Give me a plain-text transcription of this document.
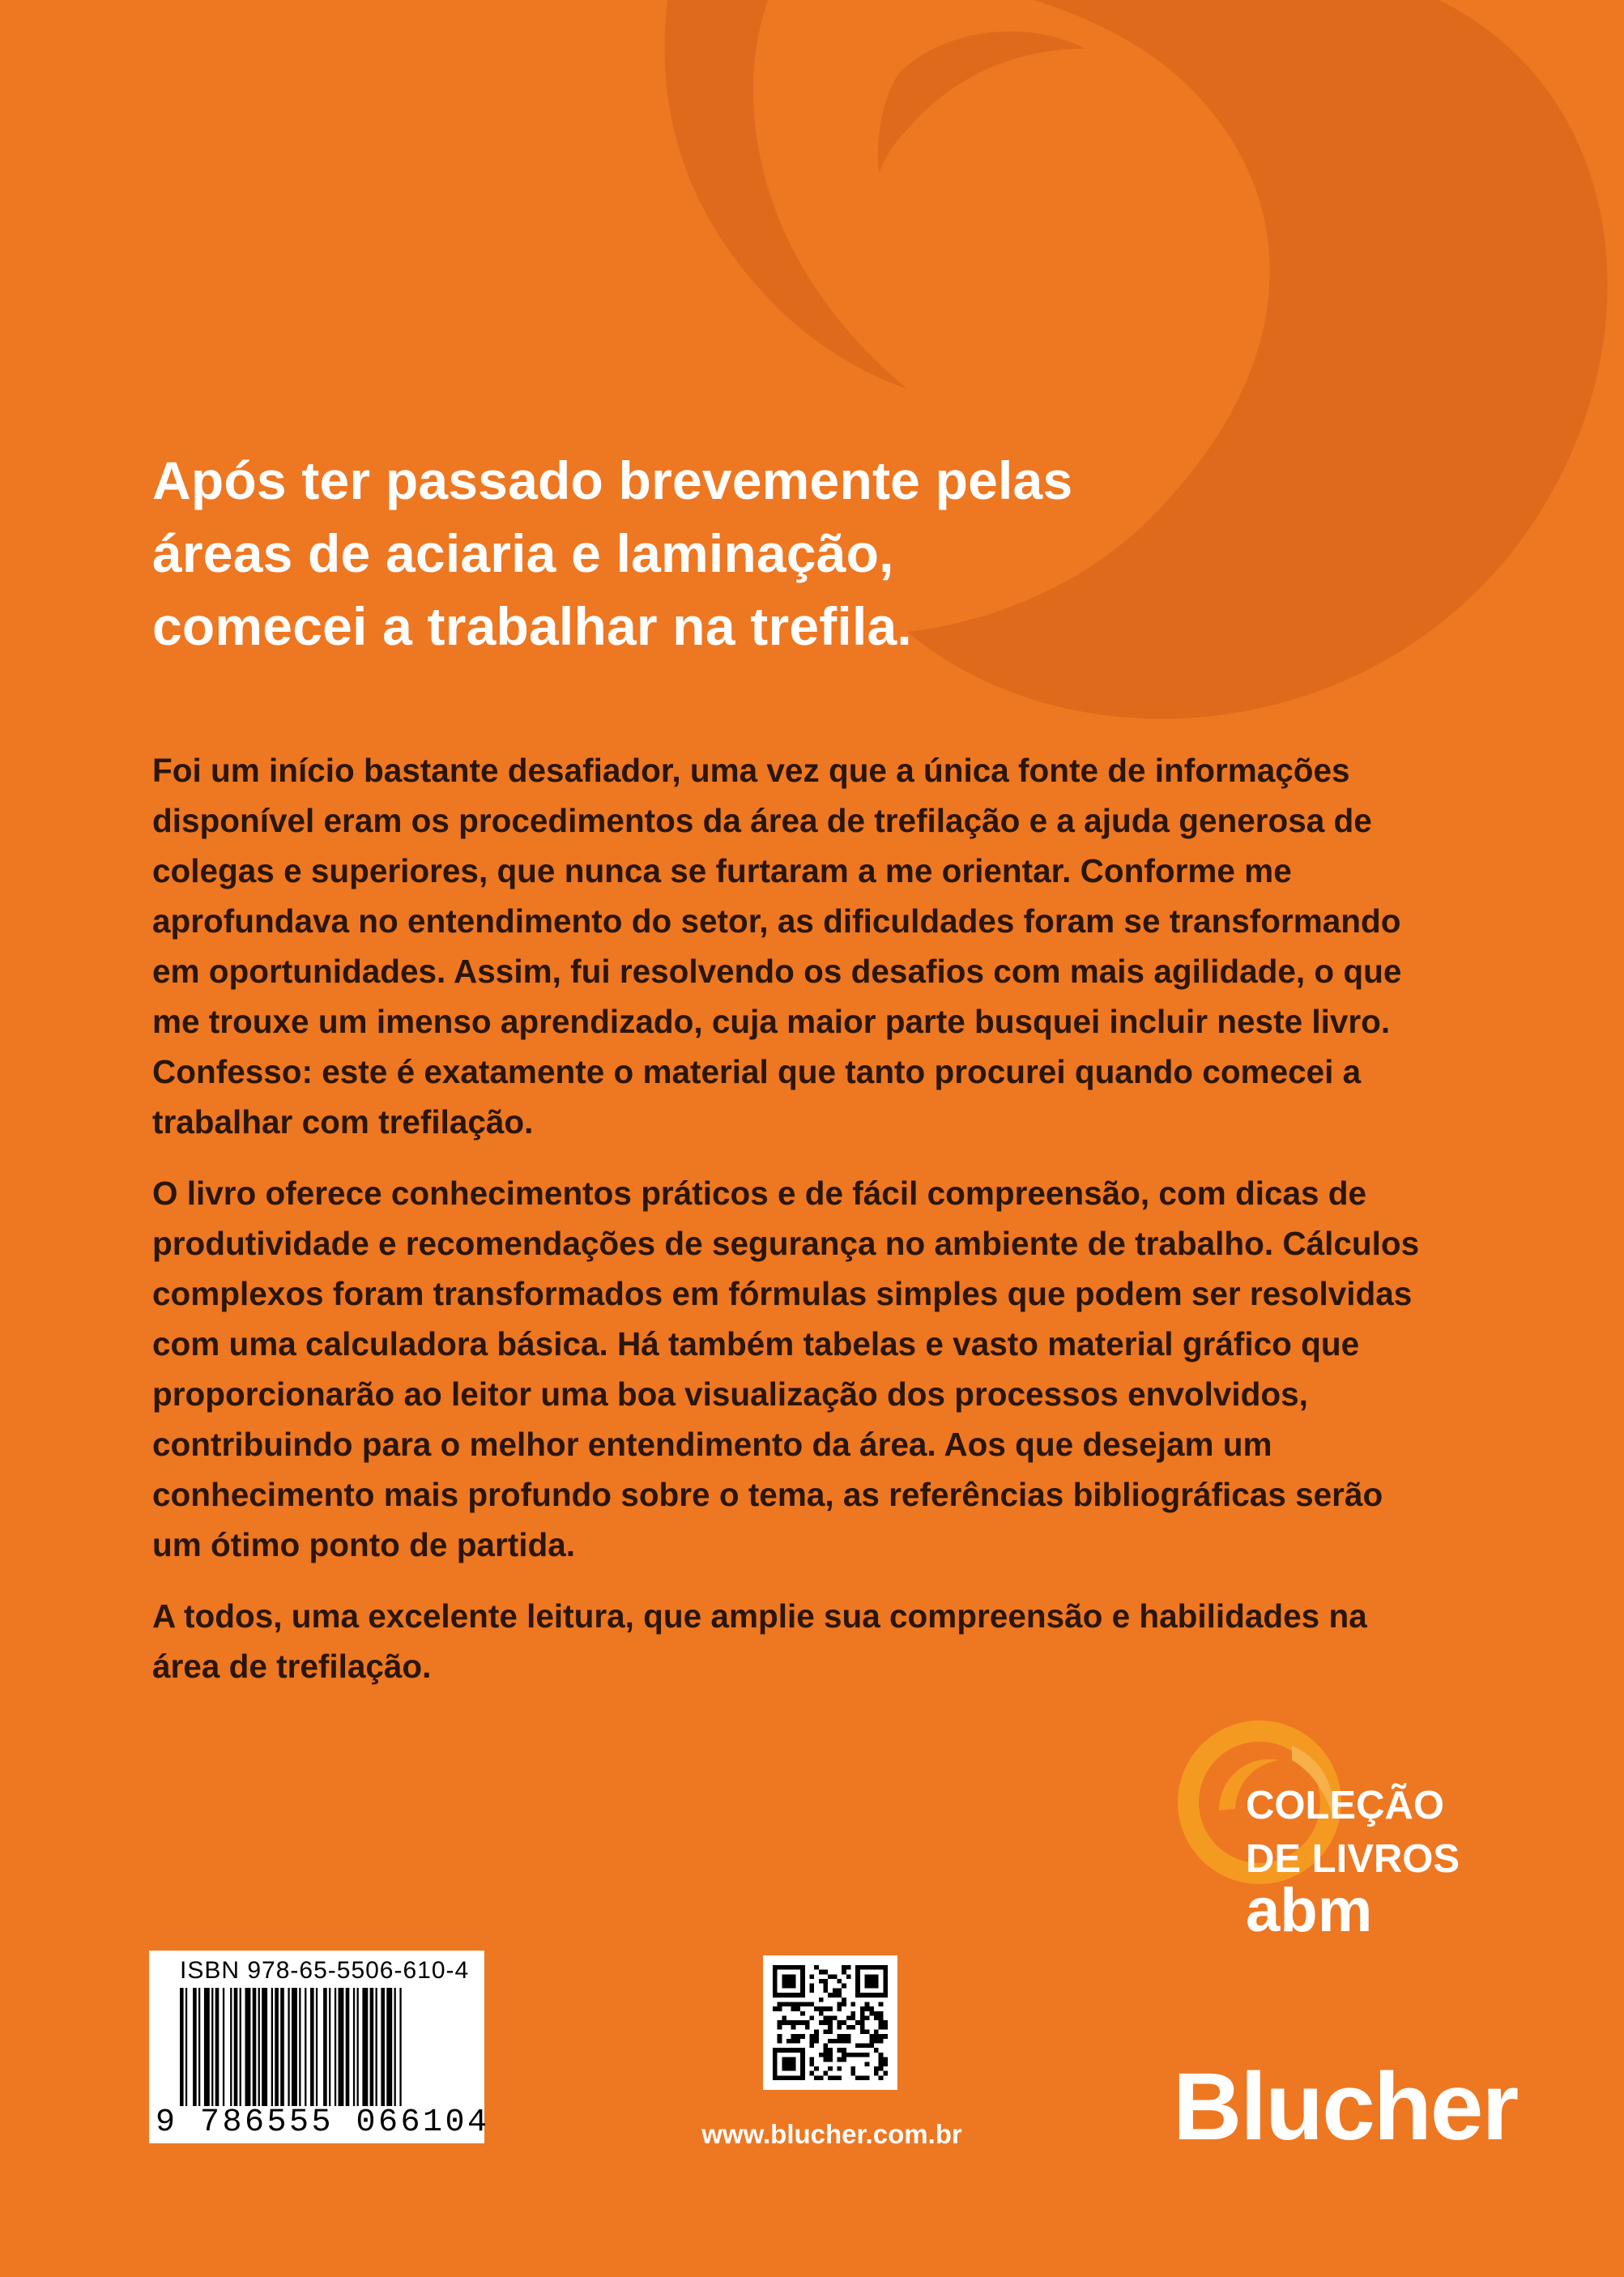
Após ter passado brevemente pelas
áreas de aciaria e laminação,
comecei a trabalhar na trefila.

Foi um início bastante desafiador, uma vez que a única fonte de informações
disponível eram os procedimentos da área de trefilação e a ajuda generosa de
colegas e superiores, que nunca se furtaram a me orientar. Conforme me
aprofundava no entendimento do setor, as dificuldades foram se transformando
em oportunidades. Assim, fui resolvendo os desafios com mais agilidade, o que
me trouxe um imenso aprendizado, cuja maior parte busquei incluir neste livro.
Confesso: este é exatamente o material que tanto procurei quando comecei a
trabalhar com trefilação.

O livro oferece conhecimentos práticos e de fácil compreensão, com dicas de
produtividade e recomendações de segurança no ambiente de trabalho. Cálculos
complexos foram transformados em fórmulas simples que podem ser resolvidas
com uma calculadora básica. Há também tabelas e vasto material gráfico que
proporcionarão ao leitor uma boa visualização dos processos envolvidos,
contribuindo para o melhor entendimento da área. Aos que desejam um
conhecimento mais profundo sobre o tema, as referências bibliográficas serão
um ótimo ponto de partida.

A todos, uma excelente leitura, que amplie sua compreensão e habilidades na
área de trefilação.

COLEÇÃO
DE LIVROS
abm
ISBN 978-65-5506-610-4
9 786555 066104	www.blucher.com.br Blucher
